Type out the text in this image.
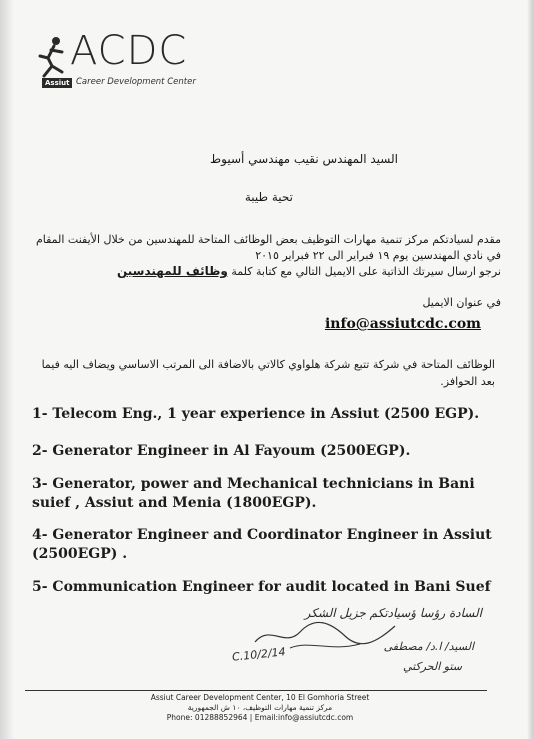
ACDC
Assiut Career Development Center
السيد المهندس نقيب مهندسي أسيوط
تحية طيبة
مقدم لسيادتكم مركز تنمية مهارات التوظيف بعض الوظائف المتاحة للمهندسين من خلال الأيفنت المقام في نادي المهندسين يوم ١٩ فبراير الى ٢٢ فبراير ٢٠١٥
نرجو ارسال سيرتك الذاتية على الايميل التالي مع كتابة كلمة وظائف للمهندسين
في عنوان الايميل
info@assiutcdc.com
الوظائف المتاحة في شركة تتبع شركة هلواوي كالاتي بالاضافة الى المرتب الاساسي ويضاف اليه فيما بعد الحوافز.
1- Telecom Eng., 1 year experience in Assiut (2500 EGP).
2- Generator Engineer in Al Fayoum (2500EGP).
3- Generator, power and Mechanical technicians in Bani suief , Assiut and Menia (1800EGP).
4- Generator Engineer and Coordinator Engineer in Assiut (2500EGP) .
5- Communication Engineer for audit located in Bani Suef
السادة رؤسا ؤسيادتكم جزيل الشكر
السيد/ ا.د/ مصطفى
ستو الحركتي
C.10/2/14
Assiut Career Development Center, 10 El Gomhoria Street
مركز تنمية مهارات التوظيف، ١٠ ش الجمهورية
Phone: 01288852964 | Email:info@assiutcdc.com
